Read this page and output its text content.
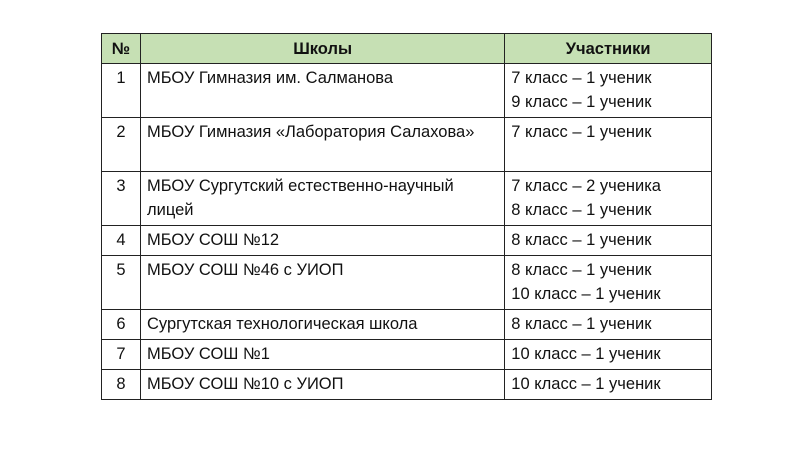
№	Школы	Участники
1	МБОУ Гимназия им. Салманова	7 класс – 1 ученик
9 класс – 1 ученик

2	МБОУ Гимназия «Лаборатория Салахова»	7 класс – 1 ученик

3	МБОУ Сургутский естественно-научный лицей	7 класс – 2 ученика
8 класс – 1 ученик

4	МБОУ СОШ №12	8 класс – 1 ученик

5	МБОУ СОШ №46 с УИОП	8 класс – 1 ученик
10 класс – 1 ученик

6	Сургутская технологическая школа	8 класс – 1 ученик

7	МБОУ СОШ №1	10 класс – 1 ученик

8	МБОУ СОШ №10 с УИОП	10 класс – 1 ученик
